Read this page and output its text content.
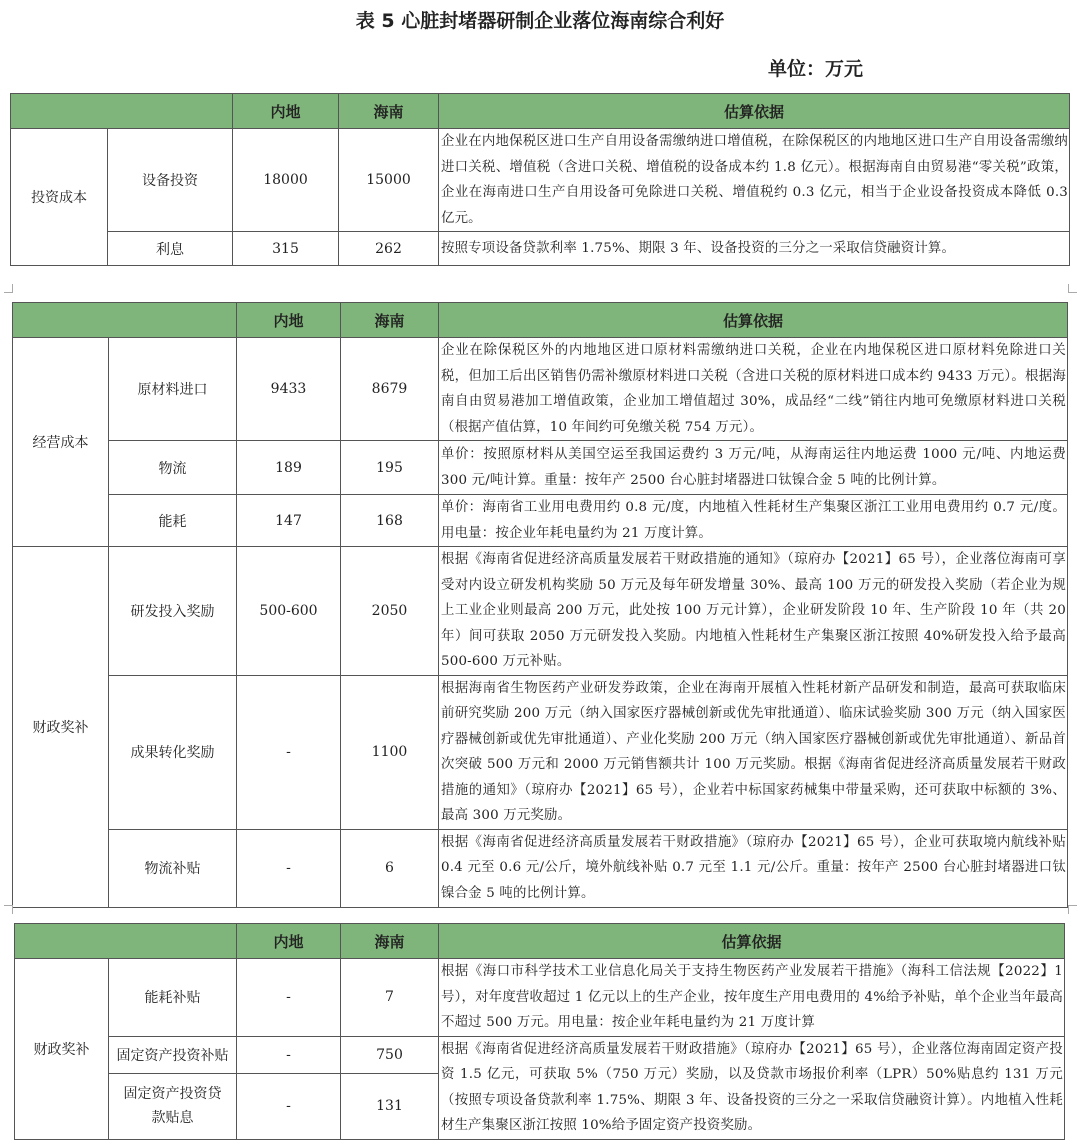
表 5 心脏封堵器研制企业落位海南综合利好
单位：万元
		内地	海南	估算依据
投资成本	设备投资	18000	15000	企业在内地保税区进口生产自用设备需缴纳进口增值税，在除保税区的内地地区进口生产自用设备需缴纳进口关税、增值税（含进口关税、增值税的设备成本约 1.8 亿元）。根据海南自由贸易港“零关税”政策，企业在海南进口生产自用设备可免除进口关税、增值税约 0.3 亿元，相当于企业设备投资成本降低 0.3 亿元。
	利息	315	262	按照专项设备贷款利率 1.75%、期限 3 年、设备投资的三分之一采取信贷融资计算。
		内地	海南	估算依据
经营成本	原材料进口	9433	8679	企业在除保税区外的内地地区进口原材料需缴纳进口关税，企业在内地保税区进口原材料免除进口关税，但加工后出区销售仍需补缴原材料进口关税（含进口关税的原材料进口成本约 9433 万元）。根据海南自由贸易港加工增值政策，企业加工增值超过 30%，成品经“二线”销往内地可免缴原材料进口关税（根据产值估算，10 年间约可免缴关税 754 万元）。
	物流	189	195	单价：按照原材料从美国空运至我国运费约 3 万元/吨，从海南运往内地运费 1000 元/吨、内地运费 300 元/吨计算。重量：按年产 2500 台心脏封堵器进口钛镍合金 5 吨的比例计算。
	能耗	147	168	单价：海南省工业用电费用约 0.8 元/度，内地植入性耗材生产集聚区浙江工业用电费用约 0.7 元/度。用电量：按企业年耗电量约为 21 万度计算。
财政奖补	研发投入奖励	500-600	2050	根据《海南省促进经济高质量发展若干财政措施的通知》（琼府办【2021】65 号），企业落位海南可享受对内设立研发机构奖励 50 万元及每年研发增量 30%、最高 100 万元的研发投入奖励（若企业为规上工业企业则最高 200 万元，此处按 100 万元计算），企业研发阶段 10 年、生产阶段 10 年（共 20 年）间可获取 2050 万元研发投入奖励。内地植入性耗材生产集聚区浙江按照 40%研发投入给予最高 500-600 万元补贴。
	成果转化奖励	-	1100	根据海南省生物医药产业研发券政策，企业在海南开展植入性耗材新产品研发和制造，最高可获取临床前研究奖励 200 万元（纳入国家医疗器械创新或优先审批通道）、临床试验奖励 300 万元（纳入国家医疗器械创新或优先审批通道）、产业化奖励 200 万元（纳入国家医疗器械创新或优先审批通道）、新品首次突破 500 万元和 2000 万元销售额共计 100 万元奖励。根据《海南省促进经济高质量发展若干财政措施的通知》（琼府办【2021】65 号），企业若中标国家药械集中带量采购，还可获取中标额的 3%、最高 300 万元奖励。
	物流补贴	-	6	根据《海南省促进经济高质量发展若干财政措施》（琼府办【2021】65 号），企业可获取境内航线补贴 0.4 元至 0.6 元/公斤，境外航线补贴 0.7 元至 1.1 元/公斤。重量：按年产 2500 台心脏封堵器进口钛镍合金 5 吨的比例计算。
		内地	海南	估算依据
财政奖补	能耗补贴	-	7	根据《海口市科学技术工业信息化局关于支持生物医药产业发展若干措施》（海科工信法规【2022】1 号），对年度营收超过 1 亿元以上的生产企业，按年度生产用电费用的 4%给予补贴，单个企业当年最高不超过 500 万元。用电量：按企业年耗电量约为 21 万度计算
	固定资产投资补贴	-	750	根据《海南省促进经济高质量发展若干财政措施》（琼府办【2021】65 号），企业落位海南固定资产投资 1.5 亿元，可获取 5%（750 万元）奖励，以及贷款市场报价利率（LPR）50%贴息约 131 万元（按照专项设备贷款利率 1.75%、期限 3 年、设备投资的三分之一采取信贷融资计算）。内地植入性耗材生产集聚区浙江按照 10%给予固定资产投资奖励。
	固定资产投资贷款贴息	-	131	
